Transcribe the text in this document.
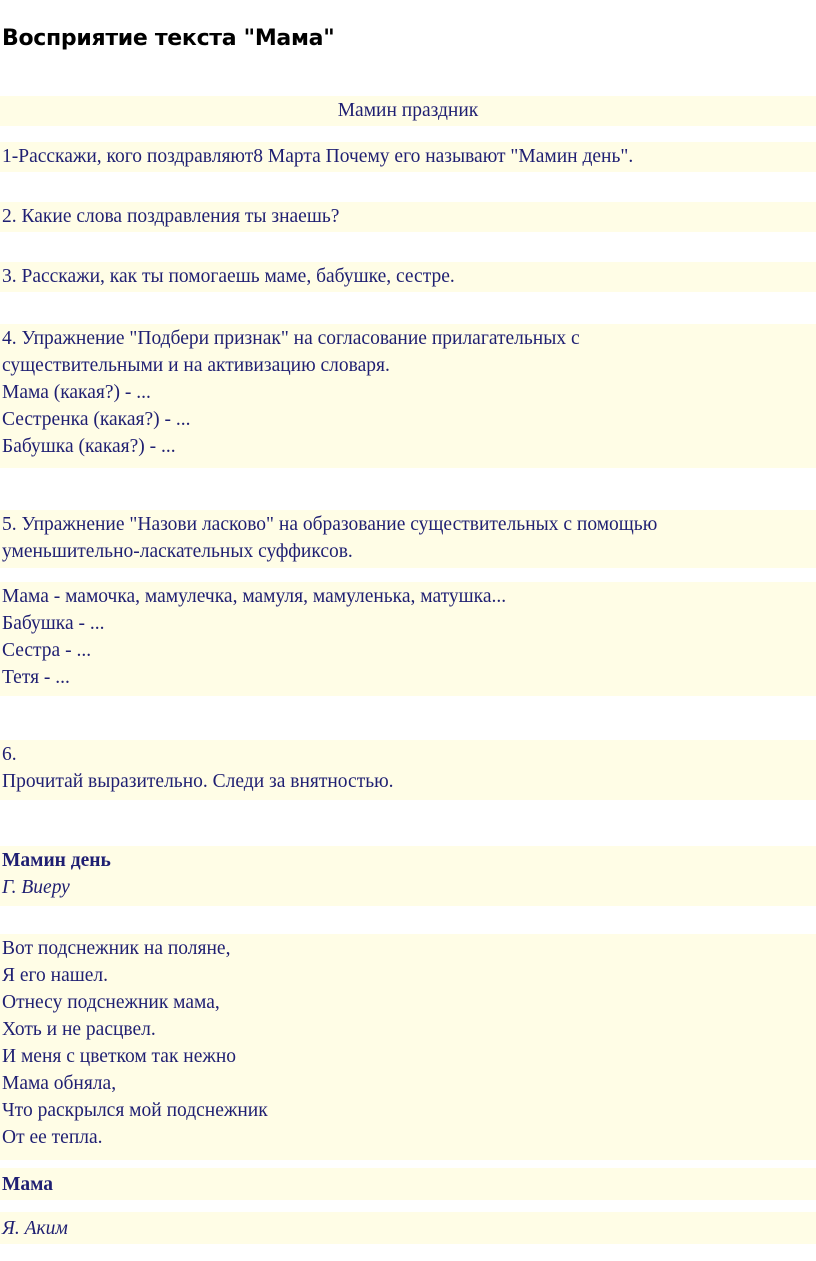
Восприятие текста "Мама"
Мамин праздник
1-Расскажи, кого поздравляют8 Марта Почему его называют "Мамин день".
2. Какие слова поздравления ты знаешь?
3. Расскажи, как ты помогаешь маме, бабушке, сестре.
4. Упражнение "Подбери признак" на согласование прилагательных с
существительными и на активизацию словаря.
Мама (какая?) - ...
Сестренка (какая?) - ...
Бабушка (какая?) - ...
5. Упражнение "Назови ласково" на образование существительных с помощью
уменьшительно-ласкательных суффиксов.
Мама - мамочка, мамулечка, мамуля, мамуленька, матушка...
Бабушка - ...
Сестра - ...
Тетя - ...
6.
Прочитай выразительно. Следи за внятностью.
Мамин день
Г. Виеру
Вот подснежник на поляне,
Я его нашел.
Отнесу подснежник мама,
Хоть и не расцвел.
И меня с цветком так нежно
Мама обняла,
Что раскрылся мой подснежник
От ее тепла.
Мама
Я. Аким
